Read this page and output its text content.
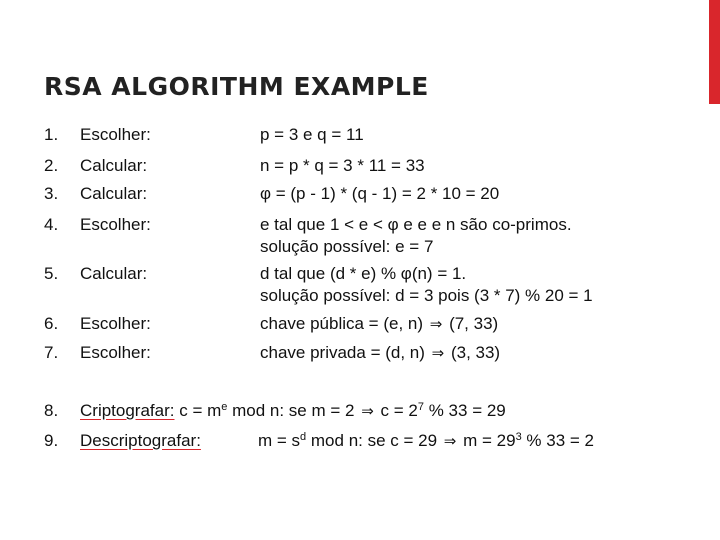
RSA ALGORITHM EXAMPLE
1. Escolher:	p = 3 e q = 11
2. Calcular:	n = p * q = 3 * 11 = 33
3. Calcular:	φ = (p - 1) * (q - 1) = 2 * 10 = 20
4. Escolher:	e tal que 1 < e < φ e e e n são co-primos.
solução possível: e = 7
5. Calcular:	d tal que (d * e) % φ(n) = 1.
solução possível: d = 3 pois (3 * 7) % 20 = 1
6. Escolher:	chave pública = (e, n) ⇒ (7, 33)
7. Escolher:	chave privada = (d, n) ⇒ (3, 33)
8. Criptografar: $c = m^e$ mod n: se m = 2 ⇒ $c = 2^7$ % 33 = 29
9. Descriptografar:	$m = s^d$ mod n: se c = 29 ⇒ $m = 29^3$ % 33 = 2
